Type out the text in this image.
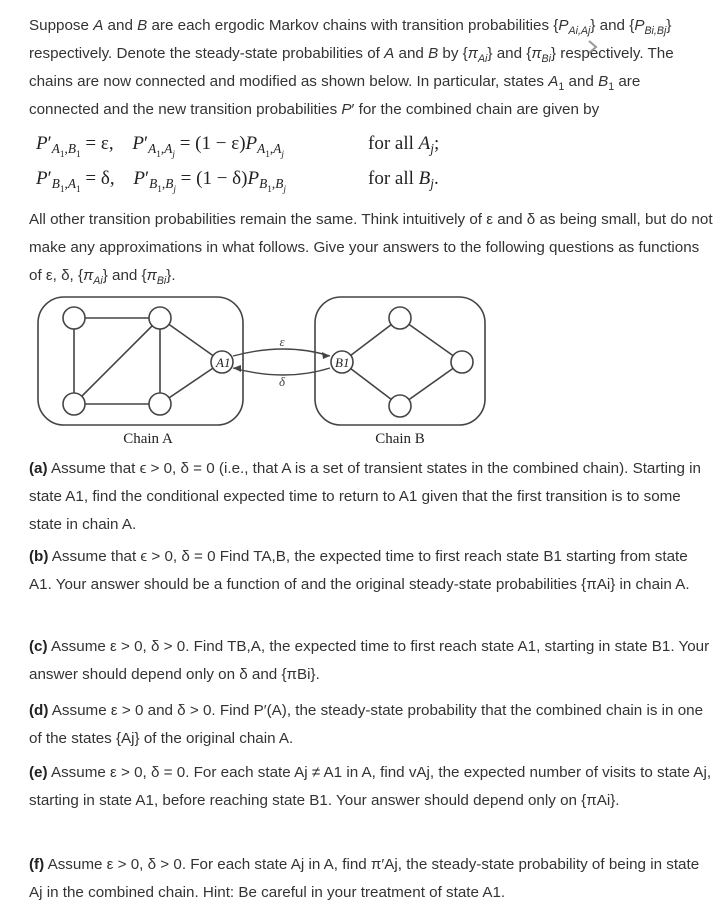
Suppose A and B are each ergodic Markov chains with transition probabilities $\{P_{Ai,Aj}\}$ and $\{P_{Bi,Bj}\}$
respectively. Denote the steady-state probabilities of A and B by $\{\pi_{Ai}\}$ and $\{\pi_{Bi}\}$ respectively. The
chains are now connected and modified as shown below. In particular, states $A_1$ and $B_1$ are
connected and the new transition probabilities P′ for the combined chain are given by

$P'_{A_1,B_1} = \varepsilon$, $P'_{A_1,A_j} = (1 - \varepsilon)P_{A_1,A_j}$
for all $A_j$;
$P'_{B_1,A_1} = \delta$, $P'_{B_1,B_j} = (1 - \delta)P_{B_1,B_j}$
for all $B_j$.

All other transition probabilities remain the same. Think intuitively of ε and δ as being small, but do not make any approximations in what follows. Give your answers to the following questions as functions of ε, δ, $\{\pi_{Ai}\}$ and $\{\pi_{Bi}\}$.

ε
δ
A1	B1
Chain A	Chain B

(a) Assume that ϵ > 0, δ = 0 (i.e., that A is a set of transient states in the combined chain). Starting in state A1, find the conditional expected time to return to A1 given that the first transition is to some state in chain A.

(b) Assume that ϵ > 0, δ = 0 Find TA,B, the expected time to first reach state B1 starting from state A1. Your answer should be a function of and the original steady-state probabilities {πAi} in chain A.

(c) Assume ε > 0, δ > 0. Find TB,A, the expected time to first reach state A1, starting in state B1. Your answer should depend only on δ and {πBi}.

(d) Assume ε > 0 and δ > 0. Find P′(A), the steady-state probability that the combined chain is in one of the states {Aj} of the original chain A.

(e) Assume ε > 0, δ = 0. For each state Aj ≠ A1 in A, find vAj, the expected number of visits to state Aj, starting in state A1, before reaching state B1. Your answer should depend only on {πAi}.

(f) Assume ε > 0, δ > 0. For each state Aj in A, find π′Aj, the steady-state probability of being in state Aj in the combined chain. Hint: Be careful in your treatment of state A1.
